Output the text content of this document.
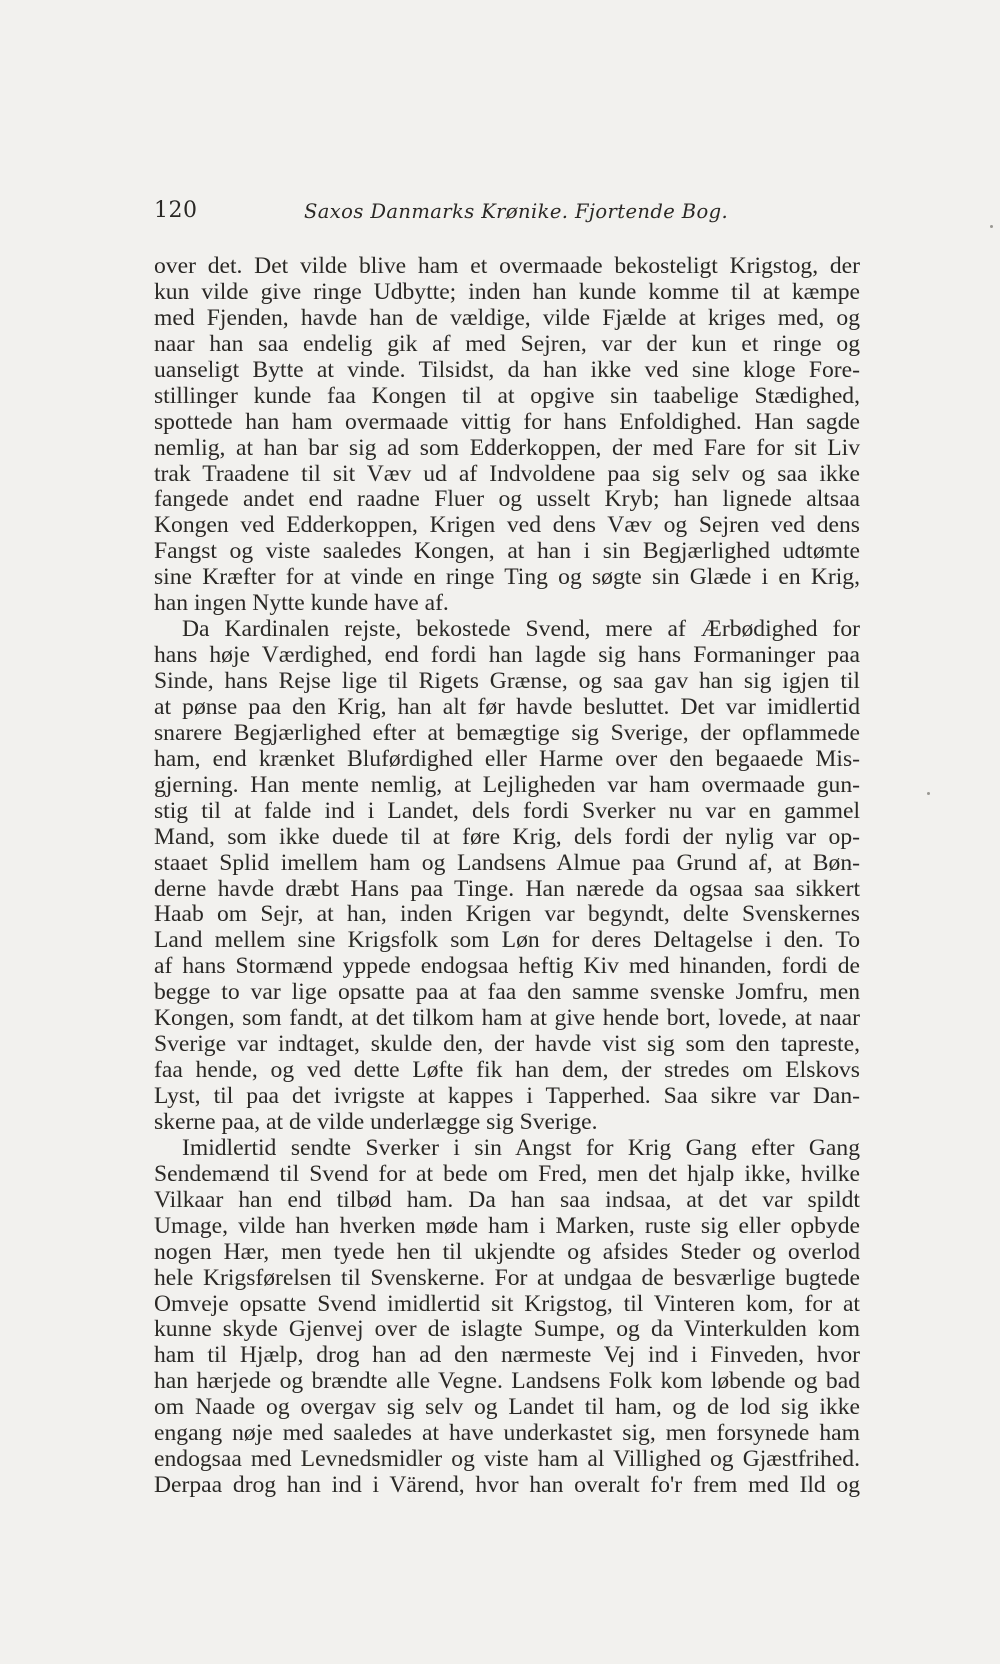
120	Saxos Danmarks Krønike. Fjortende Bog.
over det. Det vilde blive ham et overmaade bekosteligt Krigstog, der
kun vilde give ringe Udbytte; inden han kunde komme til at kæmpe
med Fjenden, havde han de vældige, vilde Fjælde at kriges med, og
naar han saa endelig gik af med Sejren, var der kun et ringe og
uanseligt Bytte at vinde. Tilsidst, da han ikke ved sine kloge Fore-
stillinger kunde faa Kongen til at opgive sin taabelige Stædighed,
spottede han ham overmaade vittig for hans Enfoldighed. Han sagde
nemlig, at han bar sig ad som Edderkoppen, der med Fare for sit Liv
trak Traadene til sit Væv ud af Indvoldene paa sig selv og saa ikke
fangede andet end raadne Fluer og usselt Kryb; han lignede altsaa
Kongen ved Edderkoppen, Krigen ved dens Væv og Sejren ved dens
Fangst og viste saaledes Kongen, at han i sin Begjærlighed udtømte
sine Kræfter for at vinde en ringe Ting og søgte sin Glæde i en Krig,
han ingen Nytte kunde have af.
Da Kardinalen rejste, bekostede Svend, mere af Ærbødighed for
hans høje Værdighed, end fordi han lagde sig hans Formaninger paa
Sinde, hans Rejse lige til Rigets Grænse, og saa gav han sig igjen til
at pønse paa den Krig, han alt før havde besluttet. Det var imidlertid
snarere Begjærlighed efter at bemægtige sig Sverige, der opflammede
ham, end krænket Bluførdighed eller Harme over den begaaede Mis-
gjerning. Han mente nemlig, at Lejligheden var ham overmaade gun-
stig til at falde ind i Landet, dels fordi Sverker nu var en gammel
Mand, som ikke duede til at føre Krig, dels fordi der nylig var op-
staaet Splid imellem ham og Landsens Almue paa Grund af, at Bøn-
derne havde dræbt Hans paa Tinge. Han nærede da ogsaa saa sikkert
Haab om Sejr, at han, inden Krigen var begyndt, delte Svenskernes
Land mellem sine Krigsfolk som Løn for deres Deltagelse i den. To
af hans Stormænd yppede endogsaa heftig Kiv med hinanden, fordi de
begge to var lige opsatte paa at faa den samme svenske Jomfru, men
Kongen, som fandt, at det tilkom ham at give hende bort, lovede, at naar
Sverige var indtaget, skulde den, der havde vist sig som den tapreste,
faa hende, og ved dette Løfte fik han dem, der stredes om Elskovs
Lyst, til paa det ivrigste at kappes i Tapperhed. Saa sikre var Dan-
skerne paa, at de vilde underlægge sig Sverige.
Imidlertid sendte Sverker i sin Angst for Krig Gang efter Gang
Sendemænd til Svend for at bede om Fred, men det hjalp ikke, hvilke
Vilkaar han end tilbød ham. Da han saa indsaa, at det var spildt
Umage, vilde han hverken møde ham i Marken, ruste sig eller opbyde
nogen Hær, men tyede hen til ukjendte og afsides Steder og overlod
hele Krigsførelsen til Svenskerne. For at undgaa de besværlige bugtede
Omveje opsatte Svend imidlertid sit Krigstog, til Vinteren kom, for at
kunne skyde Gjenvej over de islagte Sumpe, og da Vinterkulden kom
ham til Hjælp, drog han ad den nærmeste Vej ind i Finveden, hvor
han hærjede og brændte alle Vegne. Landsens Folk kom løbende og bad
om Naade og overgav sig selv og Landet til ham, og de lod sig ikke
engang nøje med saaledes at have underkastet sig, men forsynede ham
endogsaa med Levnedsmidler og viste ham al Villighed og Gjæstfrihed.
Derpaa drog han ind i Värend, hvor han overalt fo'r frem med Ild og
